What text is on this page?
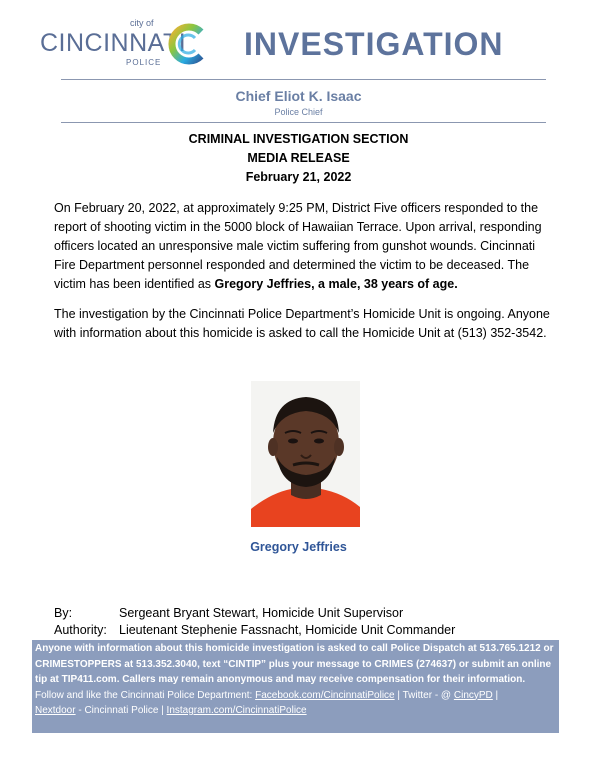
city of
CINCINNATI
POLICE
INVESTIGATION
Chief Eliot K. Isaac
Police Chief
CRIMINAL INVESTIGATION SECTION
MEDIA RELEASE
February 21, 2022
On February 20, 2022, at approximately 9:25 PM, District Five officers responded to the report of shooting victim in the 5000 block of Hawaiian Terrace. Upon arrival, responding officers located an unresponsive male victim suffering from gunshot wounds. Cincinnati Fire Department personnel responded and determined the victim to be deceased. The victim has been identified as Gregory Jeffries, a male, 38 years of age.
The investigation by the Cincinnati Police Department’s Homicide Unit is ongoing. Anyone with information about this homicide is asked to call the Homicide Unit at (513) 352-3542.
Gregory Jeffries
By:	Sergeant Bryant Stewart, Homicide Unit Supervisor
Authority: Lieutenant Stephenie Fassnacht, Homicide Unit Commander
Anyone with information about this homicide investigation is asked to call Police Dispatch at 513.765.1212 or CRIMESTOPPERS at 513.352.3040, text “CINTIP” plus your message to CRIMES (274637) or submit an online tip at TIP411.com. Callers may remain anonymous and may receive compensation for their information.
Follow and like the Cincinnati Police Department: Facebook.com/CincinnatiPolice | Twitter - @ CincyPD |
Nextdoor - Cincinnati Police | Instagram.com/CincinnatiPolice
